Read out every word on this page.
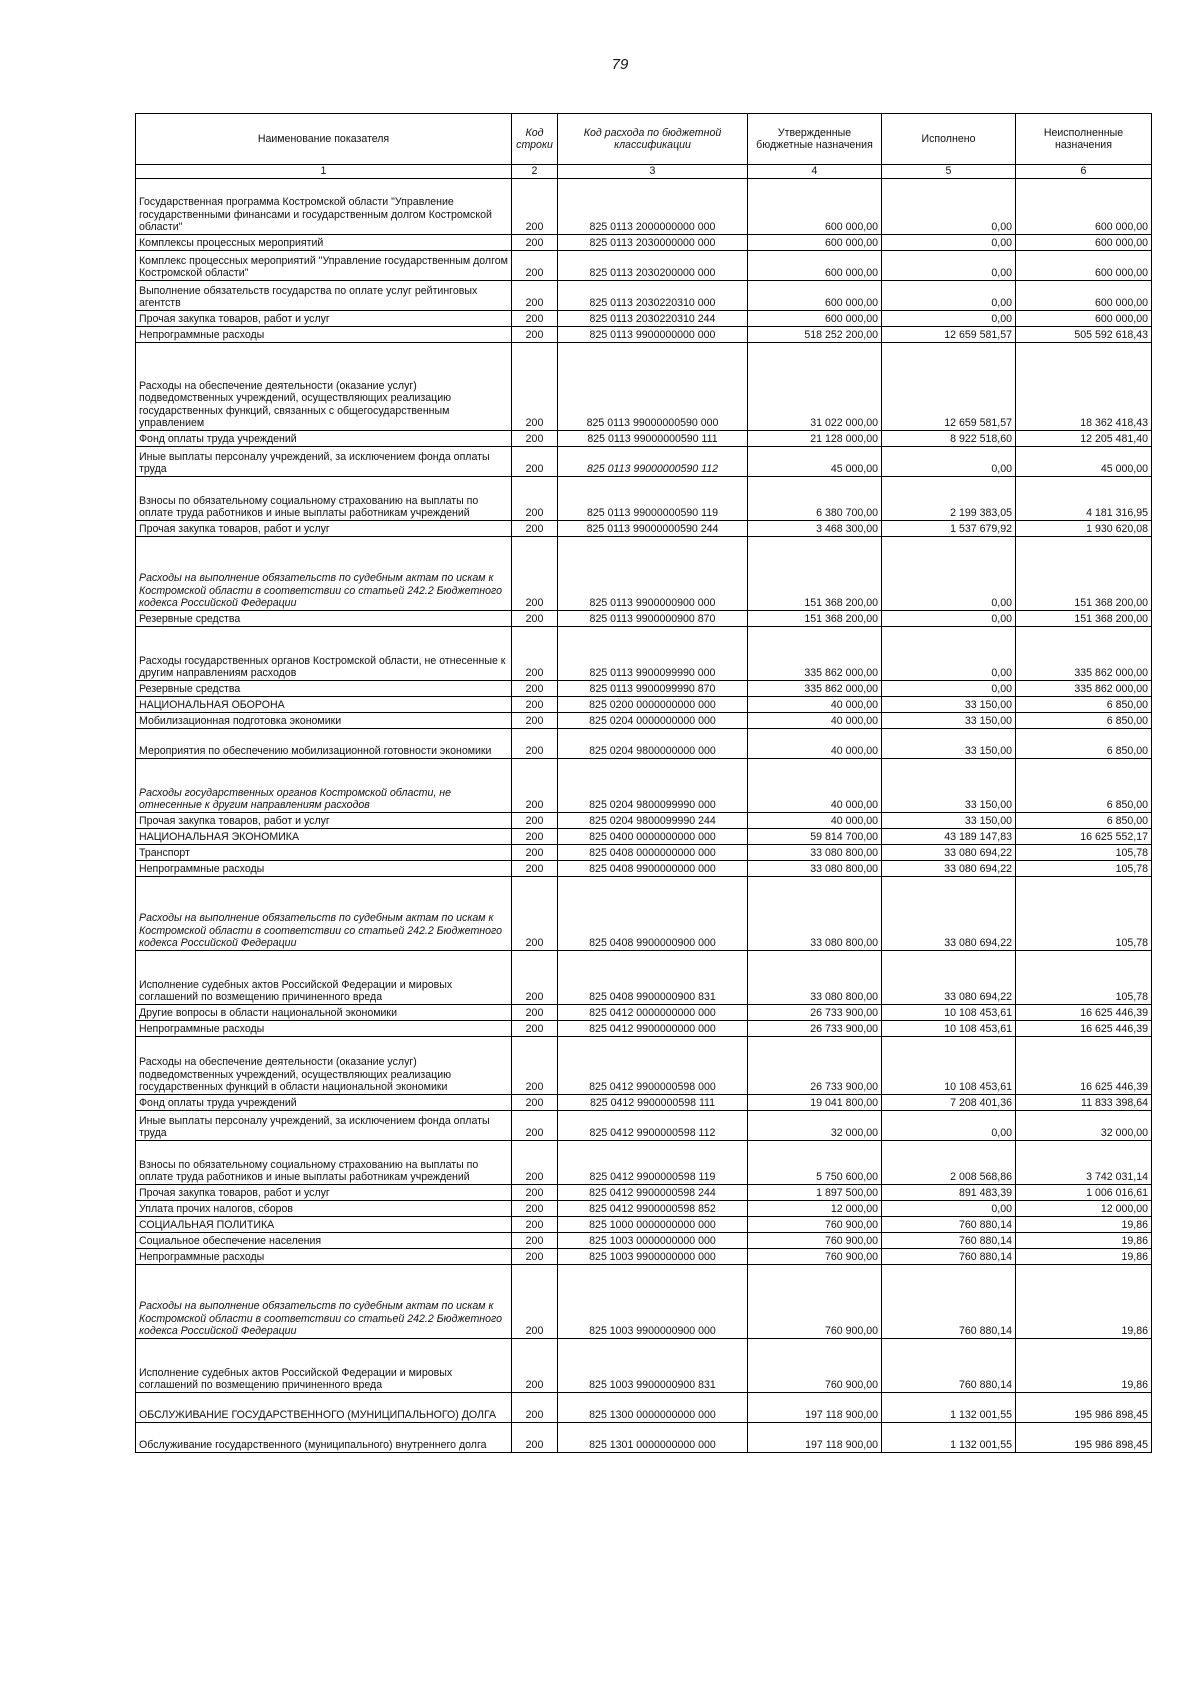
79
Наименование показателя	Код строки	Код расхода по бюджетной классификации	Утвержденные бюджетные назначения	Исполнено	Неисполненные назначения
1	2	3	4	5	6
Государственная программа Костромской области "Управление государственными финансами и государственным долгом Костромской области"	200	825 0113 2000000000 000	600 000,00	0,00	600 000,00
Комплексы процессных мероприятий	200	825 0113 2030000000 000	600 000,00	0,00	600 000,00
Комплекс процессных мероприятий "Управление государственным долгом Костромской области"	200	825 0113 2030200000 000	600 000,00	0,00	600 000,00
Выполнение обязательств государства по оплате услуг рейтинговых агентств	200	825 0113 2030220310 000	600 000,00	0,00	600 000,00
Прочая закупка товаров, работ и услуг	200	825 0113 2030220310 244	600 000,00	0,00	600 000,00
Непрограммные расходы	200	825 0113 9900000000 000	518 252 200,00	12 659 581,57	505 592 618,43
Расходы на обеспечение деятельности (оказание услуг) подведомственных учреждений, осуществляющих реализацию государственных функций, связанных с общегосударственным управлением	200	825 0113 99000000590 000	31 022 000,00	12 659 581,57	18 362 418,43
Фонд оплаты труда учреждений	200	825 0113 99000000590 111	21 128 000,00	8 922 518,60	12 205 481,40
Иные выплаты персоналу учреждений, за исключением фонда оплаты труда	200	825 0113 99000000590 112	45 000,00	0,00	45 000,00
Взносы по обязательному социальному страхованию на выплаты по оплате труда работников и иные выплаты работникам учреждений	200	825 0113 99000000590 119	6 380 700,00	2 199 383,05	4 181 316,95
Прочая закупка товаров, работ и услуг	200	825 0113 99000000590 244	3 468 300,00	1 537 679,92	1 930 620,08
Расходы на выполнение обязательств по судебным актам по искам к Костромской области в соответствии со статьей 242.2 Бюджетного кодекса Российской Федерации	200	825 0113 9900000900 000	151 368 200,00	0,00	151 368 200,00
Резервные средства	200	825 0113 9900000900 870	151 368 200,00	0,00	151 368 200,00
Расходы государственных органов Костромской области, не отнесенные к другим направлениям расходов	200	825 0113 9900099990 000	335 862 000,00	0,00	335 862 000,00
Резервные средства	200	825 0113 9900099990 870	335 862 000,00	0,00	335 862 000,00
НАЦИОНАЛЬНАЯ ОБОРОНА	200	825 0200 0000000000 000	40 000,00	33 150,00	6 850,00
Мобилизационная подготовка экономики	200	825 0204 0000000000 000	40 000,00	33 150,00	6 850,00
Мероприятия по обеспечению мобилизационной готовности экономики	200	825 0204 9800000000 000	40 000,00	33 150,00	6 850,00
Расходы государственных органов Костромской области, не отнесенные к другим направлениям расходов	200	825 0204 9800099990 000	40 000,00	33 150,00	6 850,00
Прочая закупка товаров, работ и услуг	200	825 0204 9800099990 244	40 000,00	33 150,00	6 850,00
НАЦИОНАЛЬНАЯ ЭКОНОМИКА	200	825 0400 0000000000 000	59 814 700,00	43 189 147,83	16 625 552,17
Транспорт	200	825 0408 0000000000 000	33 080 800,00	33 080 694,22	105,78
Непрограммные расходы	200	825 0408 9900000000 000	33 080 800,00	33 080 694,22	105,78
Расходы на выполнение обязательств по судебным актам по искам к Костромской области в соответствии со статьей 242.2 Бюджетного кодекса Российской Федерации	200	825 0408 9900000900 000	33 080 800,00	33 080 694,22	105,78
Исполнение судебных актов Российской Федерации и мировых соглашений по возмещению причиненного вреда	200	825 0408 9900000900 831	33 080 800,00	33 080 694,22	105,78
Другие вопросы в области национальной экономики	200	825 0412 0000000000 000	26 733 900,00	10 108 453,61	16 625 446,39
Непрограммные расходы	200	825 0412 9900000000 000	26 733 900,00	10 108 453,61	16 625 446,39
Расходы на обеспечение деятельности (оказание услуг) подведомственных учреждений, осуществляющих реализацию государственных функций в области национальной экономики	200	825 0412 9900000598 000	26 733 900,00	10 108 453,61	16 625 446,39
Фонд оплаты труда учреждений	200	825 0412 9900000598 111	19 041 800,00	7 208 401,36	11 833 398,64
Иные выплаты персоналу учреждений, за исключением фонда оплаты труда	200	825 0412 9900000598 112	32 000,00	0,00	32 000,00
Взносы по обязательному социальному страхованию на выплаты по оплате труда работников и иные выплаты работникам учреждений	200	825 0412 9900000598 119	5 750 600,00	2 008 568,86	3 742 031,14
Прочая закупка товаров, работ и услуг	200	825 0412 9900000598 244	1 897 500,00	891 483,39	1 006 016,61
Уплата прочих налогов, сборов	200	825 0412 9900000598 852	12 000,00	0,00	12 000,00
СОЦИАЛЬНАЯ ПОЛИТИКА	200	825 1000 0000000000 000	760 900,00	760 880,14	19,86
Социальное обеспечение населения	200	825 1003 0000000000 000	760 900,00	760 880,14	19,86
Непрограммные расходы	200	825 1003 9900000000 000	760 900,00	760 880,14	19,86
Расходы на выполнение обязательств по судебным актам по искам к Костромской области в соответствии со статьей 242.2 Бюджетного кодекса Российской Федерации	200	825 1003 9900000900 000	760 900,00	760 880,14	19,86
Исполнение судебных актов Российской Федерации и мировых соглашений по возмещению причиненного вреда	200	825 1003 9900000900 831	760 900,00	760 880,14	19,86
ОБСЛУЖИВАНИЕ ГОСУДАРСТВЕННОГО (МУНИЦИПАЛЬНОГО) ДОЛГА	200	825 1300 0000000000 000	197 118 900,00	1 132 001,55	195 986 898,45
Обслуживание государственного (муниципального) внутреннего долга	200	825 1301 0000000000 000	197 118 900,00	1 132 001,55	195 986 898,45
